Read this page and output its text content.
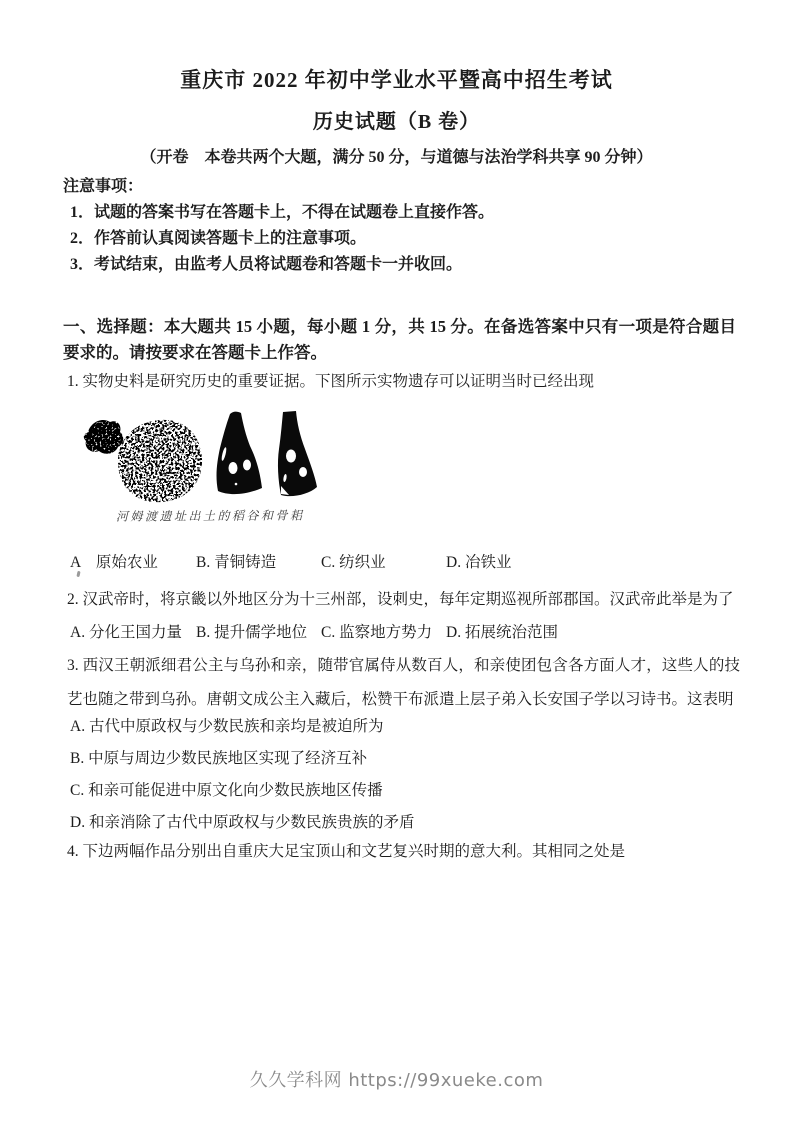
重庆市 2022 年初中学业水平暨高中招生考试
历史试题（B 卷）
（开卷　本卷共两个大题，满分 50 分，与道德与法治学科共享 90 分钟）
注意事项：
1．试题的答案书写在答题卡上，不得在试题卷上直接作答。
2．作答前认真阅读答题卡上的注意事项。
3．考试结束，由监考人员将试题卷和答题卡一并收回。
一、选择题：本大题共 15 小题，每小题 1 分，共 15 分。在备选答案中只有一项是符合题目要求的。请按要求在答题卡上作答。
1. 实物史料是研究历史的重要证据。下图所示实物遗存可以证明当时已经出现
河姆渡遗址出土的稻谷和骨耜
A　原始农业 B. 青铜铸造	C. 纺织业	D. 冶铁业
2. 汉武帝时，将京畿以外地区分为十三州部，设刺史，每年定期巡视所部郡国。汉武帝此举是为了
A. 分化王国力量 B. 提升儒学地位 C. 监察地方势力 D. 拓展统治范围
3. 西汉王朝派细君公主与乌孙和亲，随带官属侍从数百人，和亲使团包含各方面人才，这些人的技艺也随之带到乌孙。唐朝文成公主入藏后，松赞干布派遣上层子弟入长安国子学以习诗书。这表明
A. 古代中原政权与少数民族和亲均是被迫所为
B. 中原与周边少数民族地区实现了经济互补
C. 和亲可能促进中原文化向少数民族地区传播
D. 和亲消除了古代中原政权与少数民族贵族的矛盾
4. 下边两幅作品分别出自重庆大足宝顶山和文艺复兴时期的意大利。其相同之处是
久久学科网 https://99xueke.com
